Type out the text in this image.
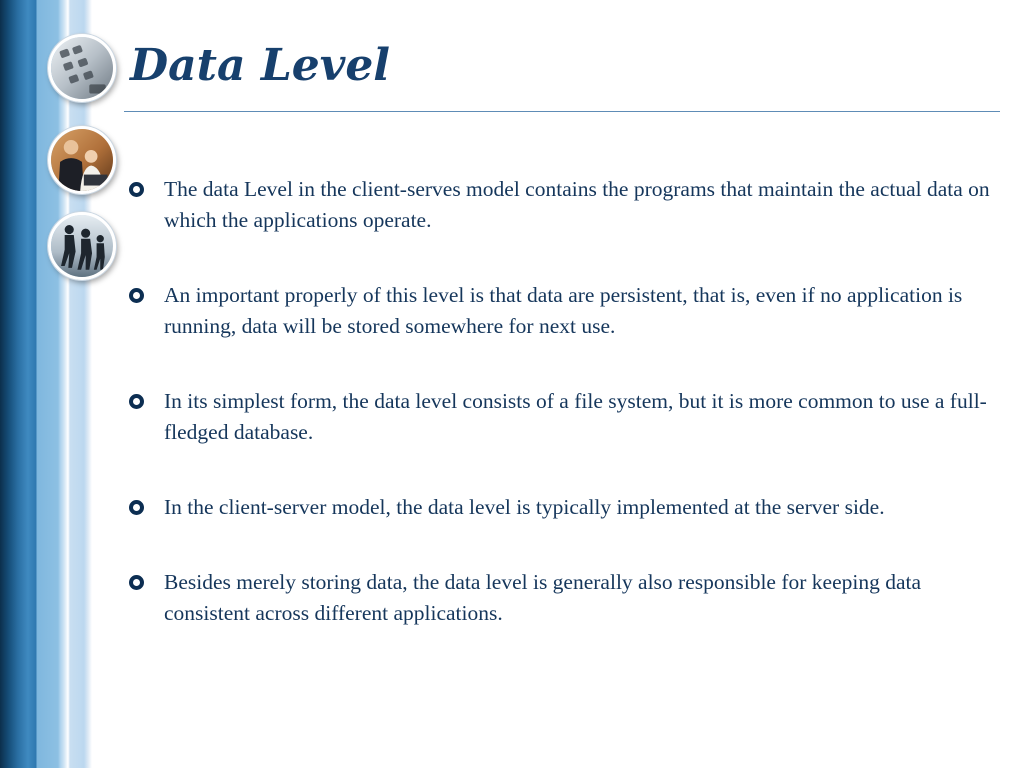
Data Level
The data Level in the client-serves model contains the programs that maintain the actual data on which the applications operate.
An important properly of this level is that data are persistent, that is, even if no application is running, data will be stored somewhere for next use.
In its simplest form, the data level consists of a file system, but it is more common to use a full-fledged database.
In the client-server model, the data level is typically implemented at the server side.
Besides merely storing data, the data level is generally also responsible for keeping data consistent across different applications.
